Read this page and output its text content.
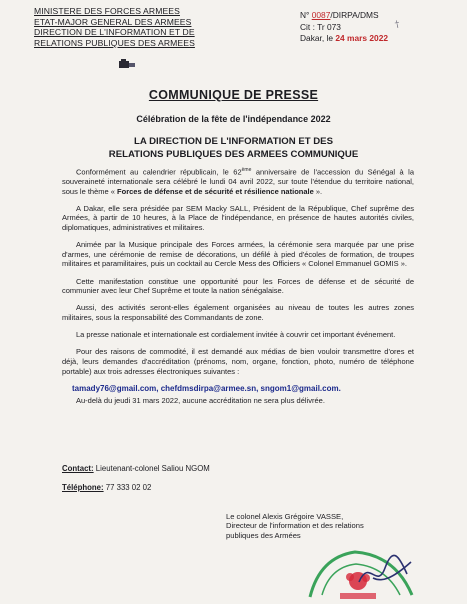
MINISTERE DES FORCES ARMEES
ETAT-MAJOR GENERAL DES ARMEES
DIRECTION DE L'INFORMATION ET DE
RELATIONS PUBLIQUES DES ARMEES
N° 0087/DIRPA/DMS
Cit : Tr 073
Dakar, le 24 mars 2022
†
COMMUNIQUE DE PRESSE
Célébration de la fête de l'indépendance 2022
LA DIRECTION DE L'INFORMATION ET DES
RELATIONS PUBLIQUES DES ARMEES COMMUNIQUE

Conformément au calendrier républicain, le 62ème anniversaire de l'accession du Sénégal à la souveraineté internationale sera célébré le lundi 04 avril 2022, sur toute l'étendue du territoire national, sous le thème « Forces de défense et de sécurité et résilience nationale ».

A Dakar, elle sera présidée par SEM Macky SALL, Président de la République, Chef suprême des Armées, à partir de 10 heures, à la Place de l'indépendance, en présence de hautes autorités civiles, diplomatiques, administratives et militaires.

Animée par la Musique principale des Forces armées, la cérémonie sera marquée par une prise d'armes, une cérémonie de remise de décorations, un défilé à pied d'écoles de formation, de troupes militaires et paramilitaires, puis un cocktail au Cercle Mess des Officiers « Colonel Emmanuel GOMIS ».

Cette manifestation constitue une opportunité pour les Forces de défense et de sécurité de communier avec leur Chef Suprême et toute la nation sénégalaise.

Aussi, des activités seront-elles également organisées au niveau de toutes les autres zones militaires, sous la responsabilité des Commandants de zone.

La presse nationale et internationale est cordialement invitée à couvrir cet important événement.

Pour des raisons de commodité, il est demandé aux médias de bien vouloir transmettre d'ores et déjà, leurs demandes d'accréditation (prénoms, nom, organe, fonction, photo, numéro de téléphone portable) aux trois adresses électroniques suivantes :

tamady76@gmail.com, chefdmsdirpa@armee.sn, sngom1@gmail.com.

Au-delà du jeudi 31 mars 2022, aucune accréditation ne sera plus délivrée.

Contact: Lieutenant-colonel Saliou NGOM
Téléphone: 77 333 02 02
Le colonel Alexis Grégoire VASSE,
Directeur de l'information et des relations
publiques des Armées
